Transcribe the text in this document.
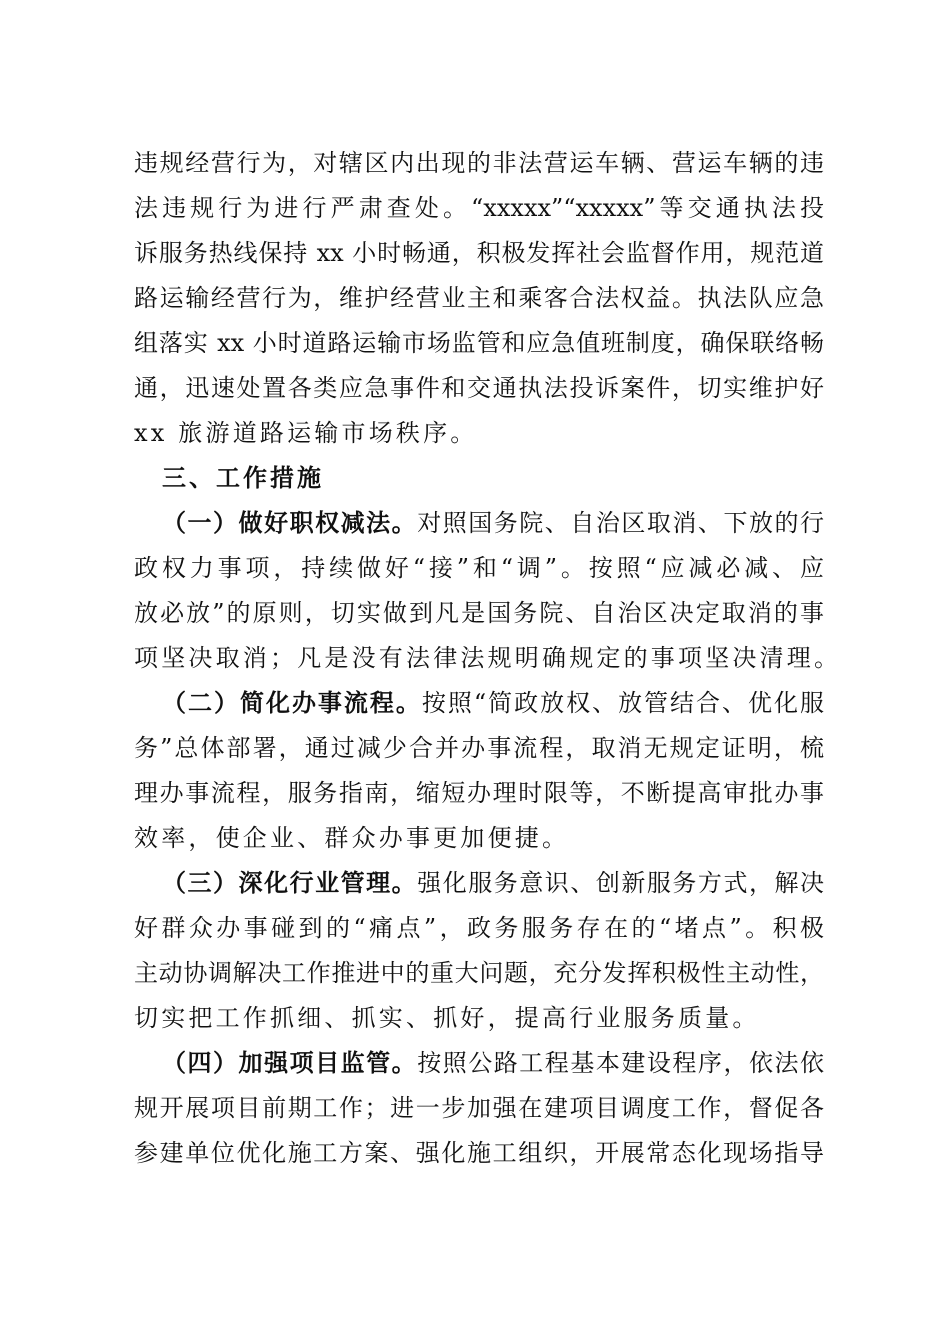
违规经营行为，对辖区内出现的非法营运车辆、营运车辆的违
法违规行为进行严肃查处。“xxxxx”“xxxxx”等交通执法投
诉服务热线保持 xx 小时畅通，积极发挥社会监督作用，规范道
路运输经营行为，维护经营业主和乘客合法权益。执法队应急
组落实 xx 小时道路运输市场监管和应急值班制度，确保联络畅
通，迅速处置各类应急事件和交通执法投诉案件，切实维护好
xx 旅游道路运输市场秩序。
三、工作措施
（一）做好职权减法。对照国务院、自治区取消、下放的行
政权力事项，持续做好“接”和“调”。按照“应减必减、应
放必放”的原则，切实做到凡是国务院、自治区决定取消的事
项坚决取消；凡是没有法律法规明确规定的事项坚决清理。
（二）简化办事流程。按照“简政放权、放管结合、优化服
务”总体部署，通过减少合并办事流程，取消无规定证明，梳
理办事流程，服务指南，缩短办理时限等，不断提高审批办事
效率，使企业、群众办事更加便捷。
（三）深化行业管理。强化服务意识、创新服务方式，解决
好群众办事碰到的“痛点”，政务服务存在的“堵点”。积极
主动协调解决工作推进中的重大问题，充分发挥积极性主动性，
切实把工作抓细、抓实、抓好，提高行业服务质量。
（四）加强项目监管。按照公路工程基本建设程序，依法依
规开展项目前期工作；进一步加强在建项目调度工作，督促各
参建单位优化施工方案、强化施工组织，开展常态化现场指导
